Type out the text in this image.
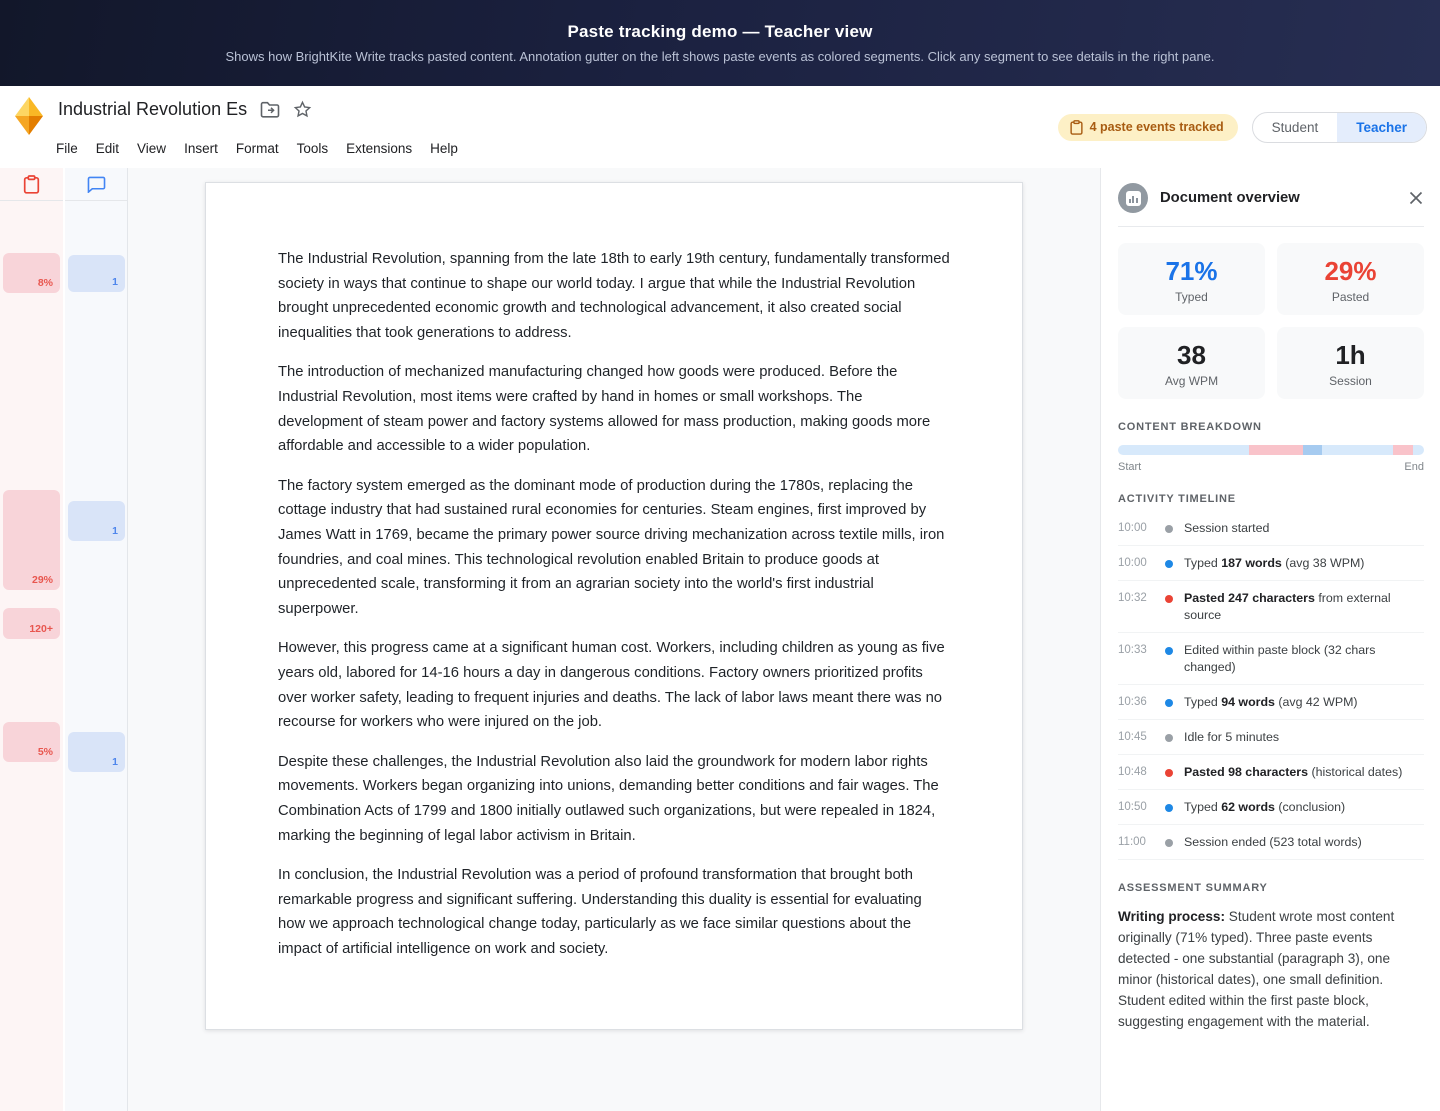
Paste tracking demo — Teacher view
Shows how BrightKite Write tracks pasted content. Annotation gutter on the left shows paste events as colored segments. Click any segment to see details in the right pane.
Industrial Revolution Es
File	Edit	View	Insert	Format	Tools	Extensions	Help
4 paste events tracked	Student	Teacher
8%
29%
120+
5%
1
1
1

The Industrial Revolution, spanning from the late 18th to early 19th century, fundamentally transformed society in ways that continue to shape our world today. I argue that while the Industrial Revolution brought unprecedented economic growth and technological advancement, it also created social inequalities that took generations to address.

The introduction of mechanized manufacturing changed how goods were produced. Before the Industrial Revolution, most items were crafted by hand in homes or small workshops. The development of steam power and factory systems allowed for mass production, making goods more affordable and accessible to a wider population.

The factory system emerged as the dominant mode of production during the 1780s, replacing the cottage industry that had sustained rural economies for centuries. Steam engines, first improved by James Watt in 1769, became the primary power source driving mechanization across textile mills, iron foundries, and coal mines. This technological revolution enabled Britain to produce goods at unprecedented scale, transforming it from an agrarian society into the world's first industrial superpower.

However, this progress came at a significant human cost. Workers, including children as young as five years old, labored for 14-16 hours a day in dangerous conditions. Factory owners prioritized profits over worker safety, leading to frequent injuries and deaths. The lack of labor laws meant there was no recourse for workers who were injured on the job.

Despite these challenges, the Industrial Revolution also laid the groundwork for modern labor rights movements. Workers began organizing into unions, demanding better conditions and fair wages. The Combination Acts of 1799 and 1800 initially outlawed such organizations, but were repealed in 1824, marking the beginning of legal labor activism in Britain.

In conclusion, the Industrial Revolution was a period of profound transformation that brought both remarkable progress and significant suffering. Understanding this duality is essential for evaluating how we approach technological change today, particularly as we face similar questions about the impact of artificial intelligence on work and society.

Document overview
71%
Typed
29%
Pasted
38
Avg WPM
1h
Session
CONTENT BREAKDOWN
Start	End
ACTIVITY TIMELINE
10:00	Session started
10:00	Typed 187 words (avg 38 WPM)
10:32	Pasted 247 characters from external source
10:33	Edited within paste block (32 chars changed)
10:36	Typed 94 words (avg 42 WPM)
10:45	Idle for 5 minutes
10:48	Pasted 98 characters (historical dates)
10:50	Typed 62 words (conclusion)
11:00	Session ended (523 total words)
ASSESSMENT SUMMARY

Writing process: Student wrote most content originally (71% typed). Three paste events detected - one substantial (paragraph 3), one minor (historical dates), one small definition. Student edited within the first paste block, suggesting engagement with the material.
